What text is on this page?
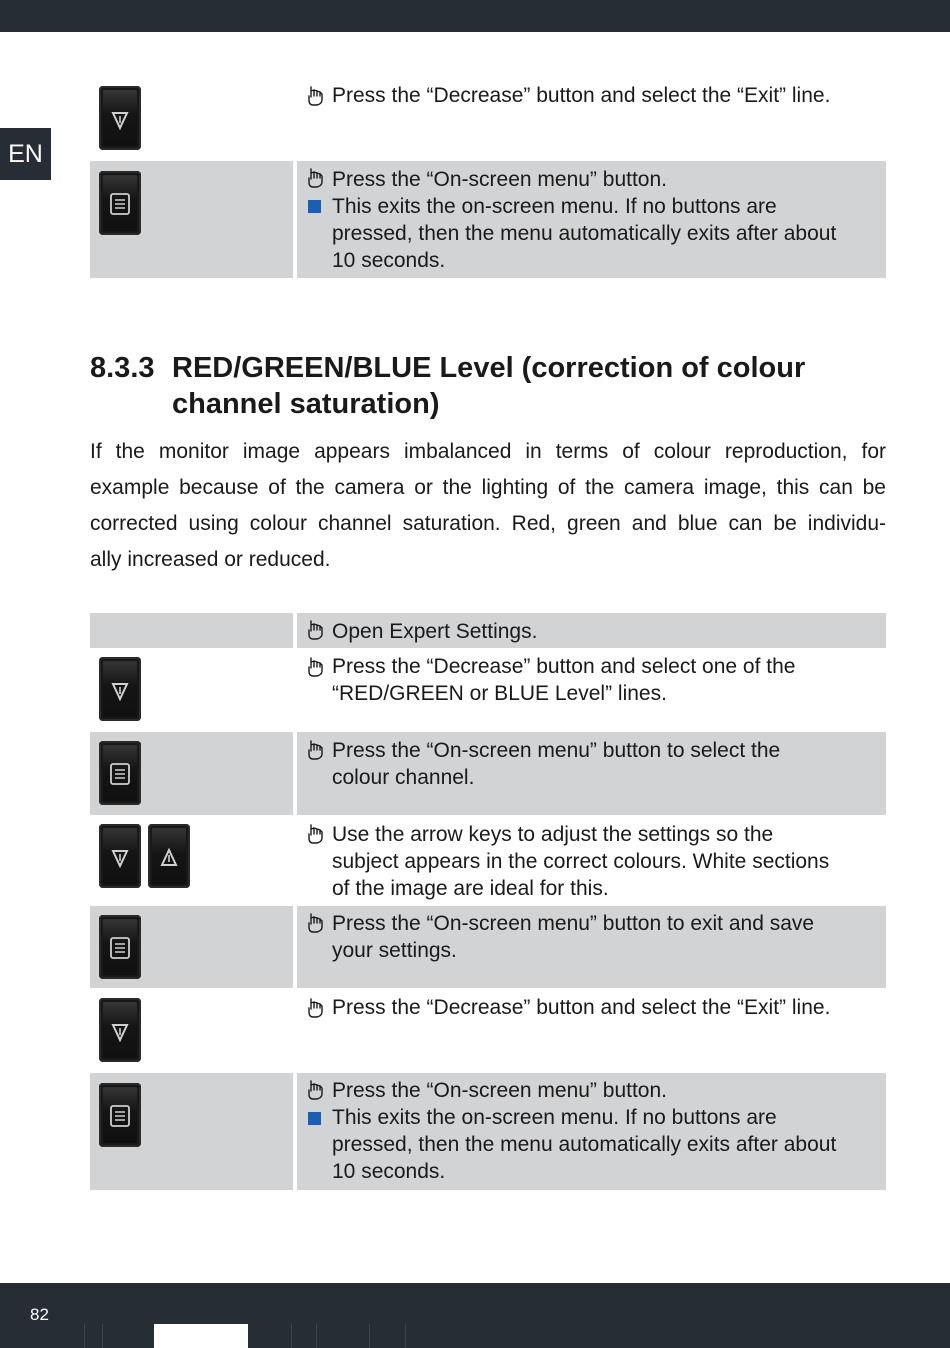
EN
Press the “Decrease” button and select the “Exit” line.
Press the “On-screen menu” button.
This exits the on-screen menu. If no buttons are
pressed, then the menu automatically exits after about
10 seconds.
8.3.3 RED/GREEN/BLUE Level (correction of colour
channel saturation)
If the monitor image appears imbalanced in terms of colour reproduction, for
example because of the camera or the lighting of the camera image, this can be
corrected using colour channel saturation. Red, green and blue can be individu-
ally increased or reduced.
Open Expert Settings.
Press the “Decrease” button and select one of the
“RED/GREEN or BLUE Level” lines.
Press the “On-screen menu” button to select the
colour channel.
Use the arrow keys to adjust the settings so the
subject appears in the correct colours. White sections
of the image are ideal for this.
Press the “On-screen menu” button to exit and save
your settings.
Press the “Decrease” button and select the “Exit” line.
Press the “On-screen menu” button.
This exits the on-screen menu. If no buttons are
pressed, then the menu automatically exits after about
10 seconds.
82
